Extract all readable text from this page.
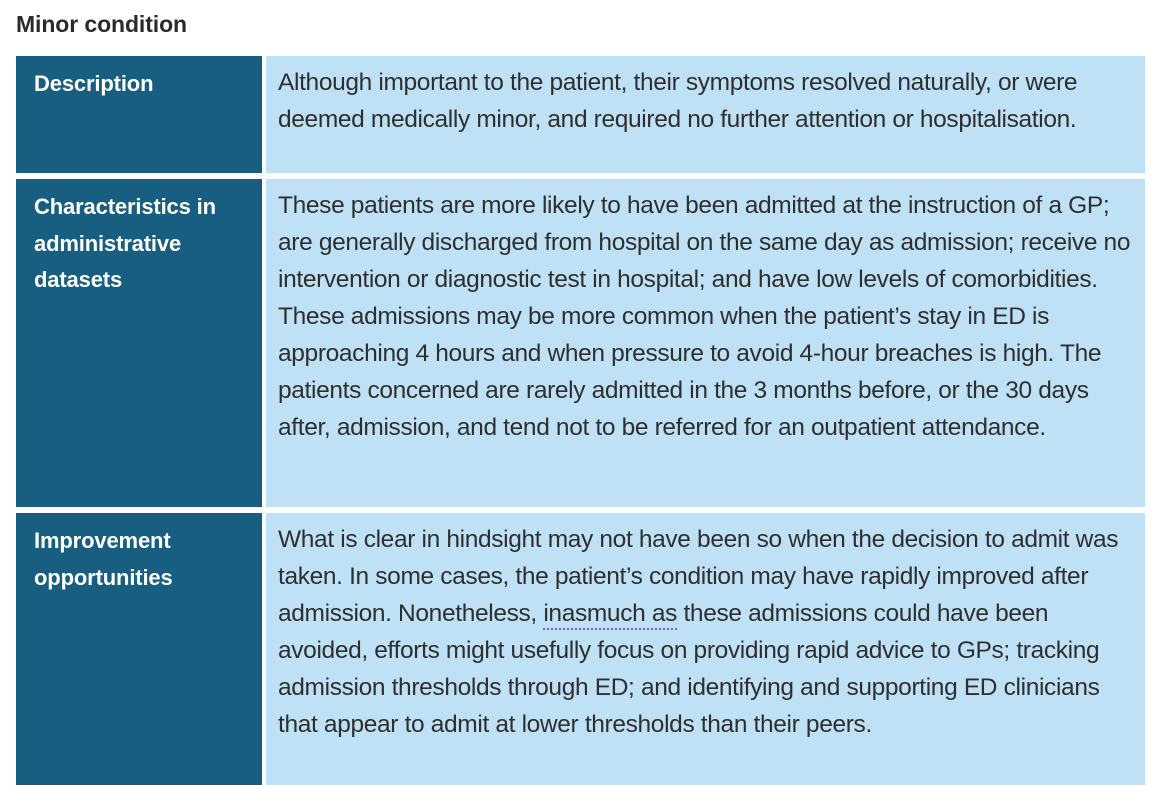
Minor condition
Description	Although important to the patient, their symptoms resolved naturally, or were deemed medically minor, and required no further attention or hospitalisation.

Characteristics in administrative datasets

These patients are more likely to have been admitted at the instruction of a GP; are generally discharged from hospital on the same day as admission; receive no intervention or diagnostic test in hospital; and have low levels of comorbidities. These admissions may be more common when the patient’s stay in ED is approaching 4 hours and when pressure to avoid 4-hour breaches is high. The patients concerned are rarely admitted in the 3 months before, or the 30 days after, admission, and tend not to be referred for an outpatient attendance.

Improvement opportunities

What is clear in hindsight may not have been so when the decision to admit was taken. In some cases, the patient’s condition may have rapidly improved after admission. Nonetheless, inasmuch as these admissions could have been avoided, efforts might usefully focus on providing rapid advice to GPs; tracking admission thresholds through ED; and identifying and supporting ED clinicians that appear to admit at lower thresholds than their peers.
